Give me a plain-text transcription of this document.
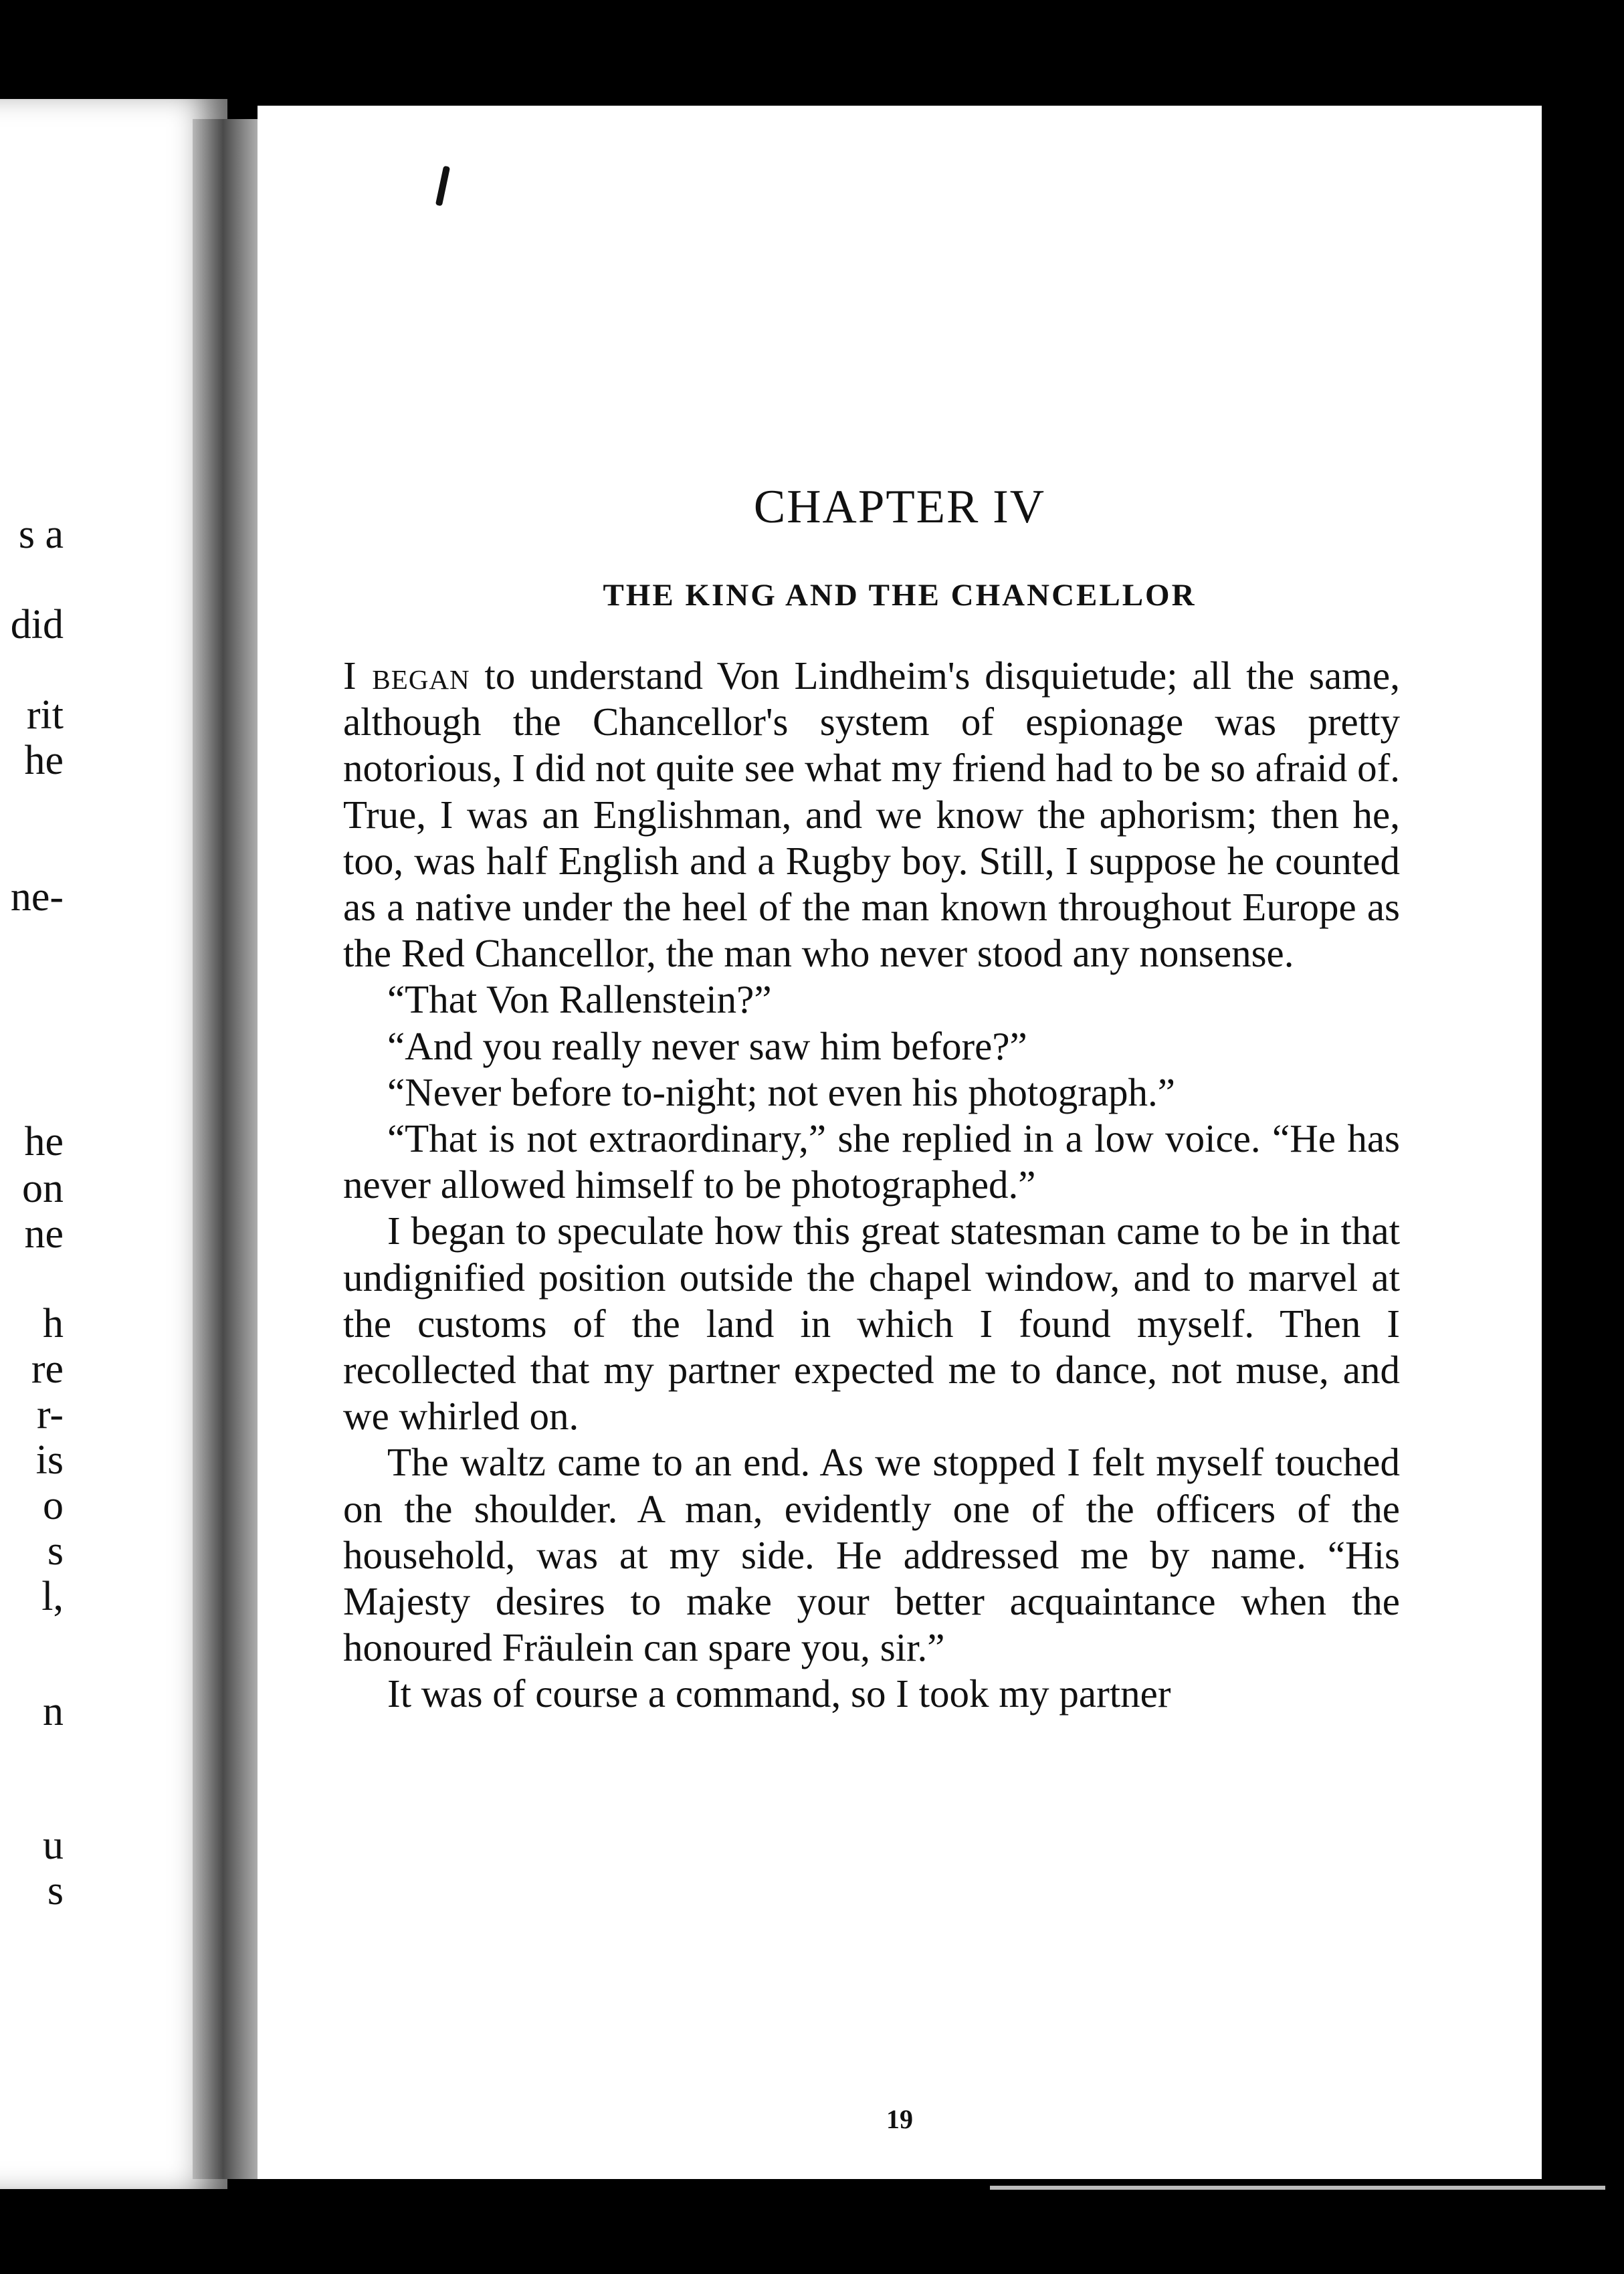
s a
did
rit
he
ne-
he
on
ne
h
re
r-
is
o
s
l,
n
u
s
CHAPTER IV
THE KING AND THE CHANCELLOR

I began to understand Von Lindheim's disquietude; all the same, although the Chancellor's system of espionage was pretty notorious, I did not quite see what my friend had to be so afraid of. True, I was an Englishman, and we know the aphorism; then he, too, was half English and a Rugby boy. Still, I suppose he counted as a native under the heel of the man known throughout Europe as the Red Chancellor, the man who never stood any nonsense.

“That Von Rallenstein?”

“And you really never saw him before?”

“Never before to-night; not even his photograph.”

“That is not extraordinary,” she replied in a low voice. “He has never allowed himself to be photographed.”

I began to speculate how this great statesman came to be in that undignified position outside the chapel window, and to marvel at the customs of the land in which I found myself. Then I recollected that my partner expected me to dance, not muse, and we whirled on.

The waltz came to an end. As we stopped I felt myself touched on the shoulder. A man, evidently one of the officers of the household, was at my side. He addressed me by name. “His Majesty desires to make your better acquaintance when the honoured Fräulein can spare you, sir.”

It was of course a command, so I took my partner

19
